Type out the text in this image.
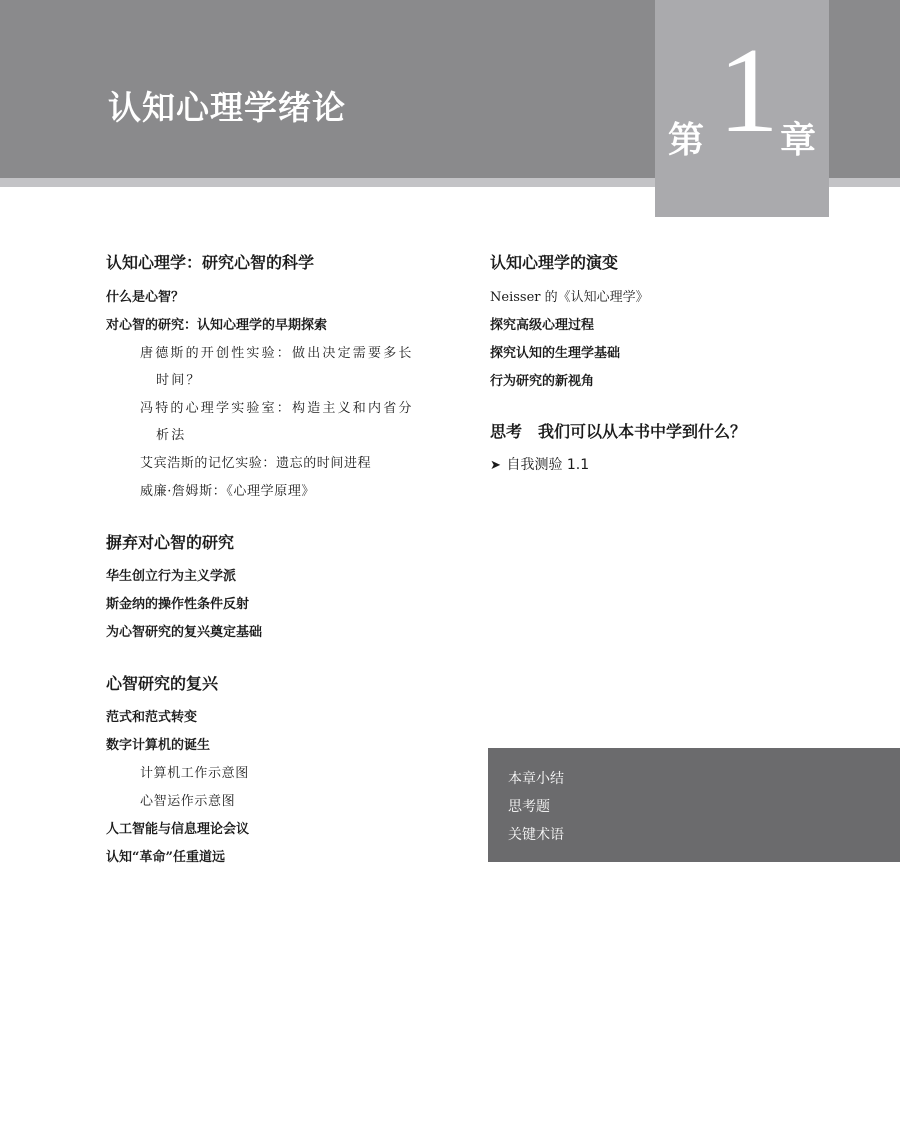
认知心理学绪论
第 1 章
认知心理学：研究心智的科学
什么是心智？
对心智的研究：认知心理学的早期探索
唐德斯的开创性实验：做出决定需要多长
时间？
冯特的心理学实验室：构造主义和内省分
析法
艾宾浩斯的记忆实验：遗忘的时间进程
威廉·詹姆斯：《心理学原理》
摒弃对心智的研究
华生创立行为主义学派
斯金纳的操作性条件反射
为心智研究的复兴奠定基础
心智研究的复兴
范式和范式转变
数字计算机的诞生
计算机工作示意图
心智运作示意图
人工智能与信息理论会议
认知“革命”任重道远
认知心理学的演变
Neisser 的《认知心理学》
探究高级心理过程
探究认知的生理学基础
行为研究的新视角
思考　我们可以从本书中学到什么？
➤ 自我测验 1.1
本章小结
思考题
关键术语
